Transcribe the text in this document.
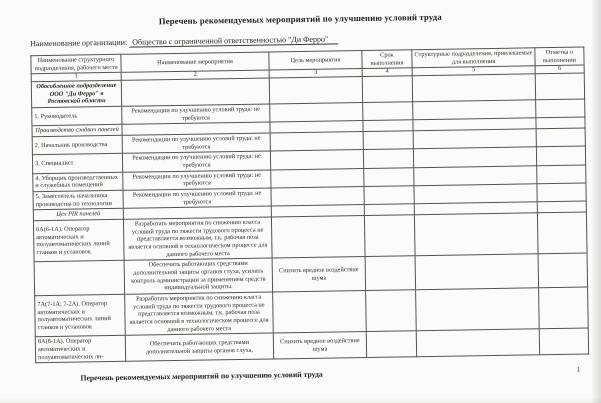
Перечень рекомендуемых мероприятий по улучшению условий труда
Наименование организации: Общество с ограниченной ответственностью "Ди Ферро"
Наименование структурного подразделения, рабочего места	Наименование мероприятия	Цель мероприятия	Срок выполнения	Структурные подразделения, привлекаемые для выполнения	Отметка о выполнении
1	2	3	4	5	6
Обособленное подразделение ООО "Ди Ферро" в Ростовской области					
1. Руководитель	Рекомендации по улучшению условий труда: не требуются				
Производство сэндвич панелей					
2. Начальник производства	Рекомендации по улучшению условий труда: не требуются				
3. Специалист	Рекомендации по улучшению условий труда: не требуются				
4. Уборщик производственных и служебных помещений	Рекомендации по улучшению условий труда: не требуются				
5. Заместитель начальника производства по технологии	Рекомендации по улучшению условий труда: не требуются				
Цех PIR панелей					
6А(6-1А). Оператор автоматических и полуавтоматических линий станков и установок	Разработать мероприятия по снижению класса условий труда по тяжести трудового процесса не представляется возможным, т.к. рабочая поза является основной в технологическом процессе для данного рабочего места				
	Обеспечить работающих средствами дополнительной защиты органов слуха, усилить контроль администрации за применением средств индивидуальной защиты.	Снизить вредное воздействие шума			
7А(7-1А; 7-2А). Оператор автоматических и полуавтоматических линий станков и установок	Разработать мероприятия по снижению класса условий труда по тяжести трудового процесса не представляется возможным, т.к. рабочая поза является основной в технологическом процессе для данного рабочего места				
8А(8-1А). Оператор автоматических и полуавтоматических ли-	Обеспечить работающих средствами дополнительной защиты органов слуха,	Снизить вредное воздействие шума			
Перечень рекомендуемых мероприятий по улучшению условий труда
1
